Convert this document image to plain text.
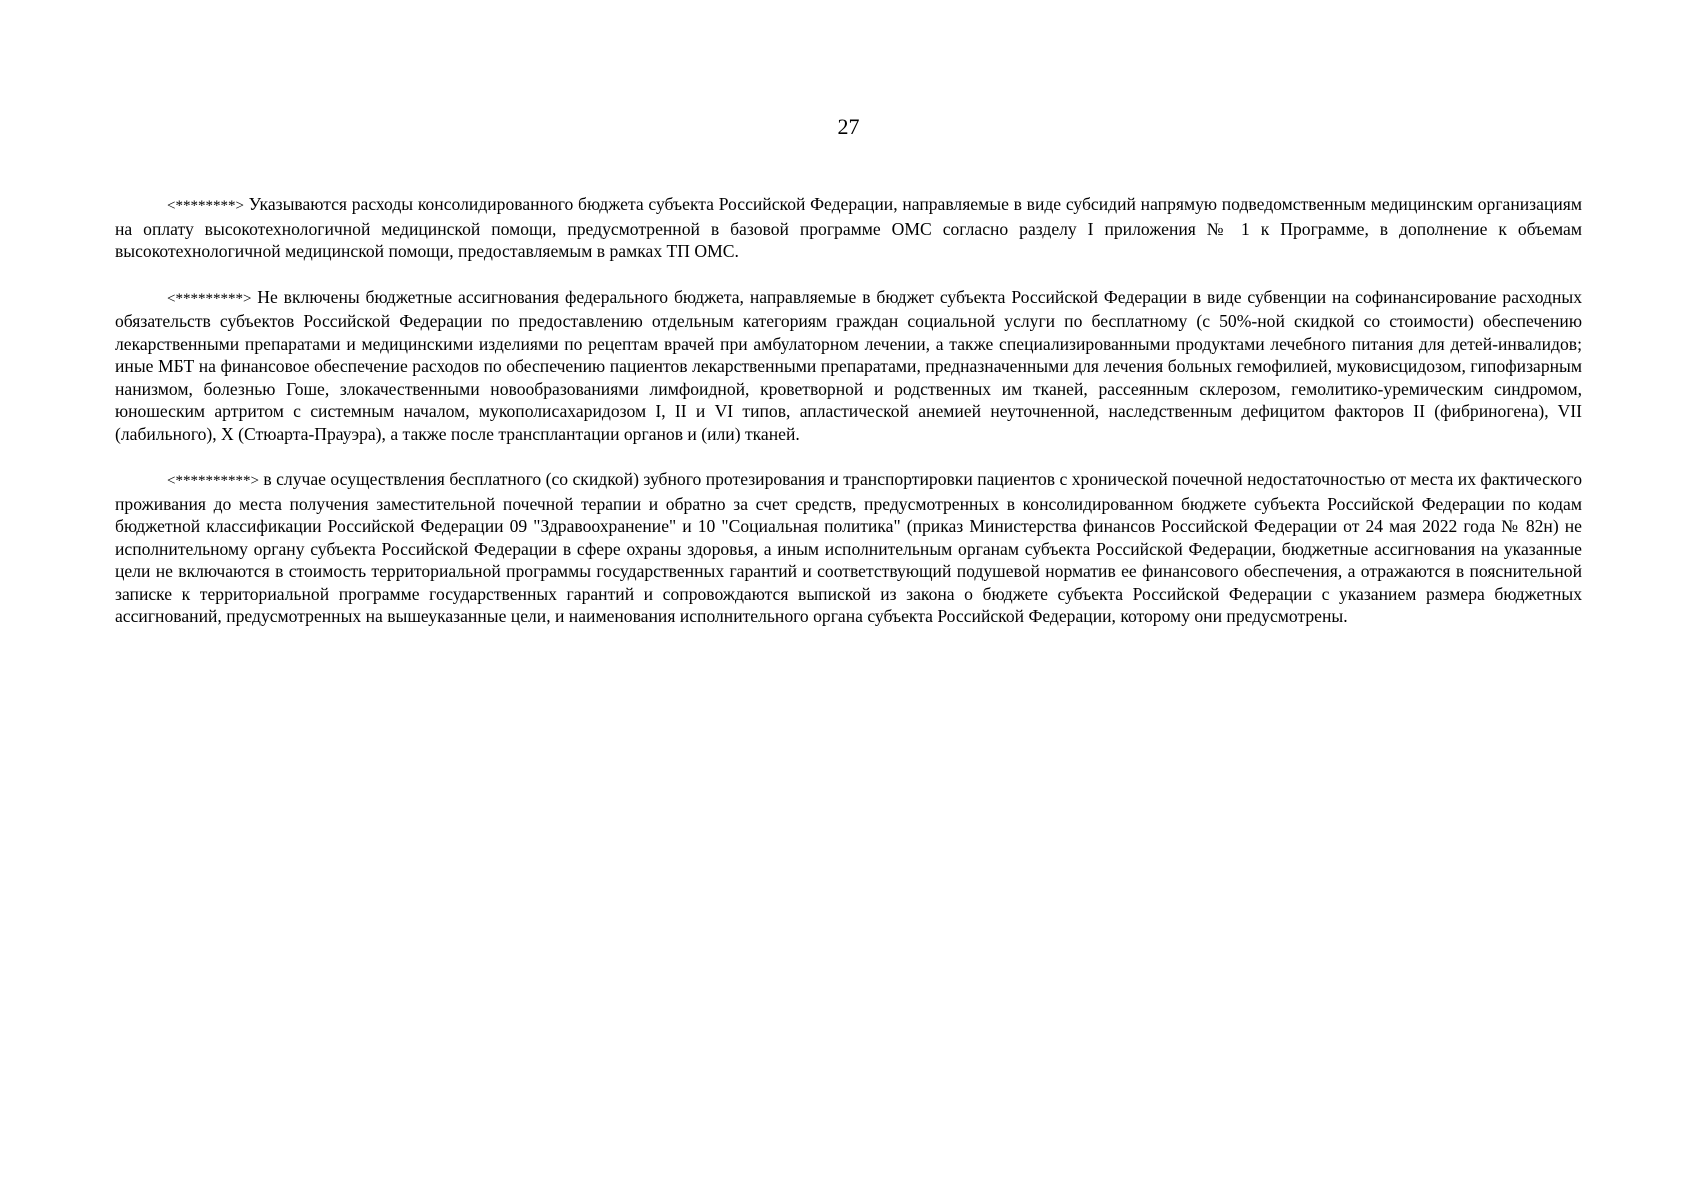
27

<********> Указываются расходы консолидированного бюджета субъекта Российской Федерации, направляемые в виде субсидий напрямую подведомственным медицинским организациям на оплату высокотехнологичной медицинской помощи, предусмотренной в базовой программе ОМС согласно разделу I приложения № 1 к Программе, в дополнение к объемам высокотехнологичной медицинской помощи, предоставляемым в рамках ТП ОМС.

<*********> Не включены бюджетные ассигнования федерального бюджета, направляемые в бюджет субъекта Российской Федерации в виде субвенции на софинансирование расходных обязательств субъектов Российской Федерации по предоставлению отдельным категориям граждан социальной услуги по бесплатному (с 50%-ной скидкой со стоимости) обеспечению лекарственными препаратами и медицинскими изделиями по рецептам врачей при амбулаторном лечении, а также специализированными продуктами лечебного питания для детей-инвалидов; иные МБТ на финансовое обеспечение расходов по обеспечению пациентов лекарственными препаратами, предназначенными для лечения больных гемофилией, муковисцидозом, гипофизарным нанизмом, болезнью Гоше, злокачественными новообразованиями лимфоидной, кроветворной и родственных им тканей, рассеянным склерозом, гемолитико-уремическим синдромом, юношеским артритом с системным началом, мукополисахаридозом I, II и VI типов, апластической анемией неуточненной, наследственным дефицитом факторов II (фибриногена), VII (лабильного), X (Стюарта-Прауэра), а также после трансплантации органов и (или) тканей.

<**********> в случае осуществления бесплатного (со скидкой) зубного протезирования и транспортировки пациентов с хронической почечной недостаточностью от места их фактического проживания до места получения заместительной почечной терапии и обратно за счет средств, предусмотренных в консолидированном бюджете субъекта Российской Федерации по кодам бюджетной классификации Российской Федерации 09 "Здравоохранение" и 10 "Социальная политика" (приказ Министерства финансов Российской Федерации от 24 мая 2022 года № 82н) не исполнительному органу субъекта Российской Федерации в сфере охраны здоровья, а иным исполнительным органам субъекта Российской Федерации, бюджетные ассигнования на указанные цели не включаются в стоимость территориальной программы государственных гарантий и соответствующий подушевой норматив ее финансового обеспечения, а отражаются в пояснительной записке к территориальной программе государственных гарантий и сопровождаются выпиской из закона о бюджете субъекта Российской Федерации с указанием размера бюджетных ассигнований, предусмотренных на вышеуказанные цели, и наименования исполнительного органа субъекта Российской Федерации, которому они предусмотрены.
